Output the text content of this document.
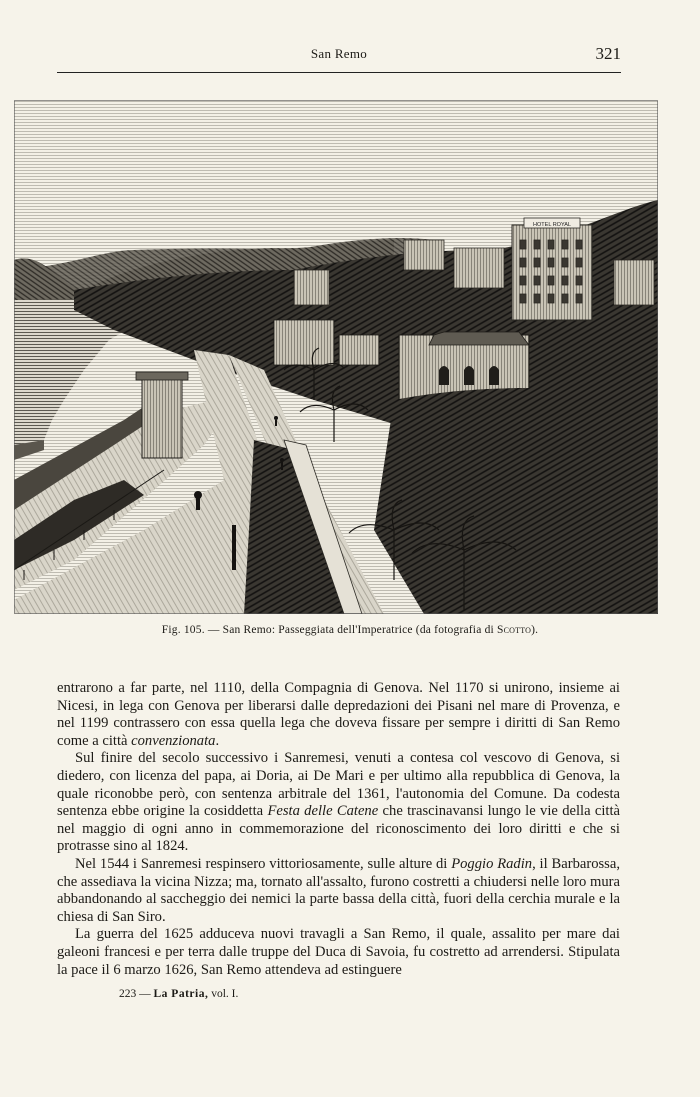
San Remo	321
HOTEL ROYAL
Fig. 105. — San Remo: Passeggiata dell'Imperatrice (da fotografia di Scotto).

entrarono a far parte, nel 1110, della Compagnia di Genova. Nel 1170 si unirono, insieme ai Nicesi, in lega con Genova per liberarsi dalle depredazioni dei Pisani nel mare di Provenza, e nel 1199 contrassero con essa quella lega che doveva fissare per sempre i diritti di San Remo come a città convenzionata.

Sul finire del secolo successivo i Sanremesi, venuti a contesa col vescovo di Genova, si diedero, con licenza del papa, ai Doria, ai De Mari e per ultimo alla repubblica di Genova, la quale riconobbe però, con sentenza arbitrale del 1361, l'autonomia del Comune. Da codesta sentenza ebbe origine la cosiddetta Festa delle Catene che trascinavansi lungo le vie della città nel maggio di ogni anno in commemorazione del riconoscimento dei loro diritti e che si protrasse sino al 1824.

Nel 1544 i Sanremesi respinsero vittoriosamente, sulle alture di Poggio Radin, il Barbarossa, che assediava la vicina Nizza; ma, tornato all'assalto, furono costretti a chiudersi nelle loro mura abbandonando al saccheggio dei nemici la parte bassa della città, fuori della cerchia murale e la chiesa di San Siro.

La guerra del 1625 adduceva nuovi travagli a San Remo, il quale, assalito per mare dai galeoni francesi e per terra dalle truppe del Duca di Savoia, fu costretto ad arrendersi. Stipulata la pace il 6 marzo 1626, San Remo attendeva ad estinguere

223 — La Patria, vol. I.
